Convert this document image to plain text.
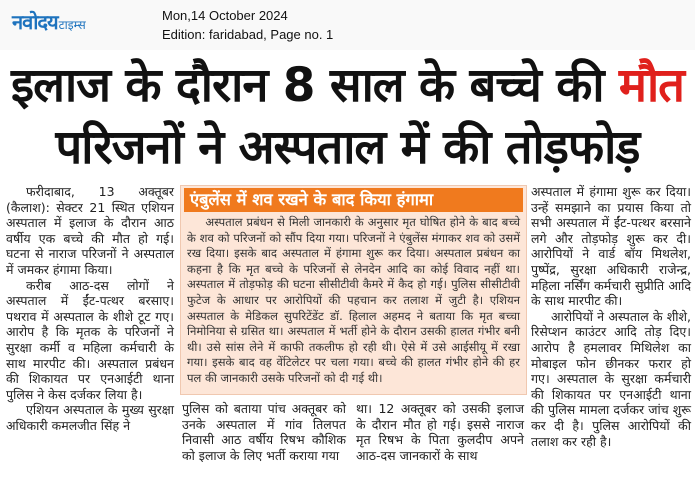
नवोदय टाइम्स
Mon,14 October 2024
Edition: faridabad, Page no. 1
इलाज के दौरान 8 साल के बच्चे की मौत
परिजनों ने अस्पताल में की तोड़फोड़

फरीदाबाद, 13 अक्तूबर (कैलाश): सेक्टर 21 स्थित एशियन अस्पताल में इलाज के दौरान आठ वर्षीय एक बच्चे की मौत हो गई। घटना से नाराज परिजनों ने अस्पताल में जमकर हंगामा किया।

करीब आठ-दस लोगों ने अस्पताल में ईंट-पत्थर बरसाए। पथराव में अस्पताल के शीशे टूट गए। आरोप है कि मृतक के परिजनों ने सुरक्षा कर्मी व महिला कर्मचारी के साथ मारपीट की। अस्पताल प्रबंधन की शिकायत पर एनआईटी थाना पुलिस ने केस दर्जकर लिया है।

एशियन अस्पताल के मुख्य सुरक्षा अधिकारी कमलजीत सिंह ने

एंबुलेंस में शव रखने के बाद किया हंगामा

अस्पताल प्रबंधन से मिली जानकारी के अनुसार मृत घोषित होने के बाद बच्चे के शव को परिजनों को सौंप दिया गया। परिजनों ने एंबुलेंस मंगाकर शव को उसमें रख दिया। इसके बाद अस्पताल में हंगामा शुरू कर दिया। अस्पताल प्रबंधन का कहना है कि मृत बच्चे के परिजनों से लेनदेन आदि का कोई विवाद नहीं था। अस्पताल में तोड़फोड़ की घटना सीसीटीवी कैमरे में कैद हो गई। पुलिस सीसीटीवी फुटेज के आधार पर आरोपियों की पहचान कर तलाश में जुटी है। एशियन अस्पताल के मेडिकल सुपरिटेंडेंट डॉ. हिलाल अहमद ने बताया कि मृत बच्चा निमोनिया से ग्रसित था। अस्पताल में भर्ती होने के दौरान उसकी हालत गंभीर बनी थी। उसे सांस लेने में काफी तकलीफ हो रही थी। ऐसे में उसे आईसीयू में रखा गया। इसके बाद वह वेंटिलेटर पर चला गया। बच्चे की हालत गंभीर होने की हर पल की जानकारी उसके परिजनों को दी गई थी।

पुलिस को बताया पांच अक्तूबर को उनके अस्पताल में गांव तिलपत निवासी आठ वर्षीय रिषभ कौशिक को इलाज के लिए भर्ती कराया गया

था। 12 अक्तूबर को उसकी इलाज के दौरान मौत हो गई। इससे नाराज मृत रिषभ के पिता कुलदीप अपने आठ-दस जानकारों के साथ

अस्पताल में हंगामा शुरू कर दिया। उन्हें समझाने का प्रयास किया तो सभी अस्पताल में ईंट-पत्थर बरसाने लगे और तोड़फोड़ शुरू कर दी। आरोपियों ने वार्ड बॉय मिथलेश, पुष्पेंद्र, सुरक्षा अधिकारी राजेन्द्र, महिला नर्सिंग कर्मचारी सुप्रीति आदि के साथ मारपीट की।

आरोपियों ने अस्पताल के शीशे, रिसेप्शन काउंटर आदि तोड़ दिए। आरोप है हमलावर मिथिलेश का मोबाइल फोन छीनकर फरार हो गए। अस्पताल के सुरक्षा कर्मचारी की शिकायत पर एनआईटी थाना की पुलिस मामला दर्जकर जांच शुरू कर दी है। पुलिस आरोपियों की तलाश कर रही है।
